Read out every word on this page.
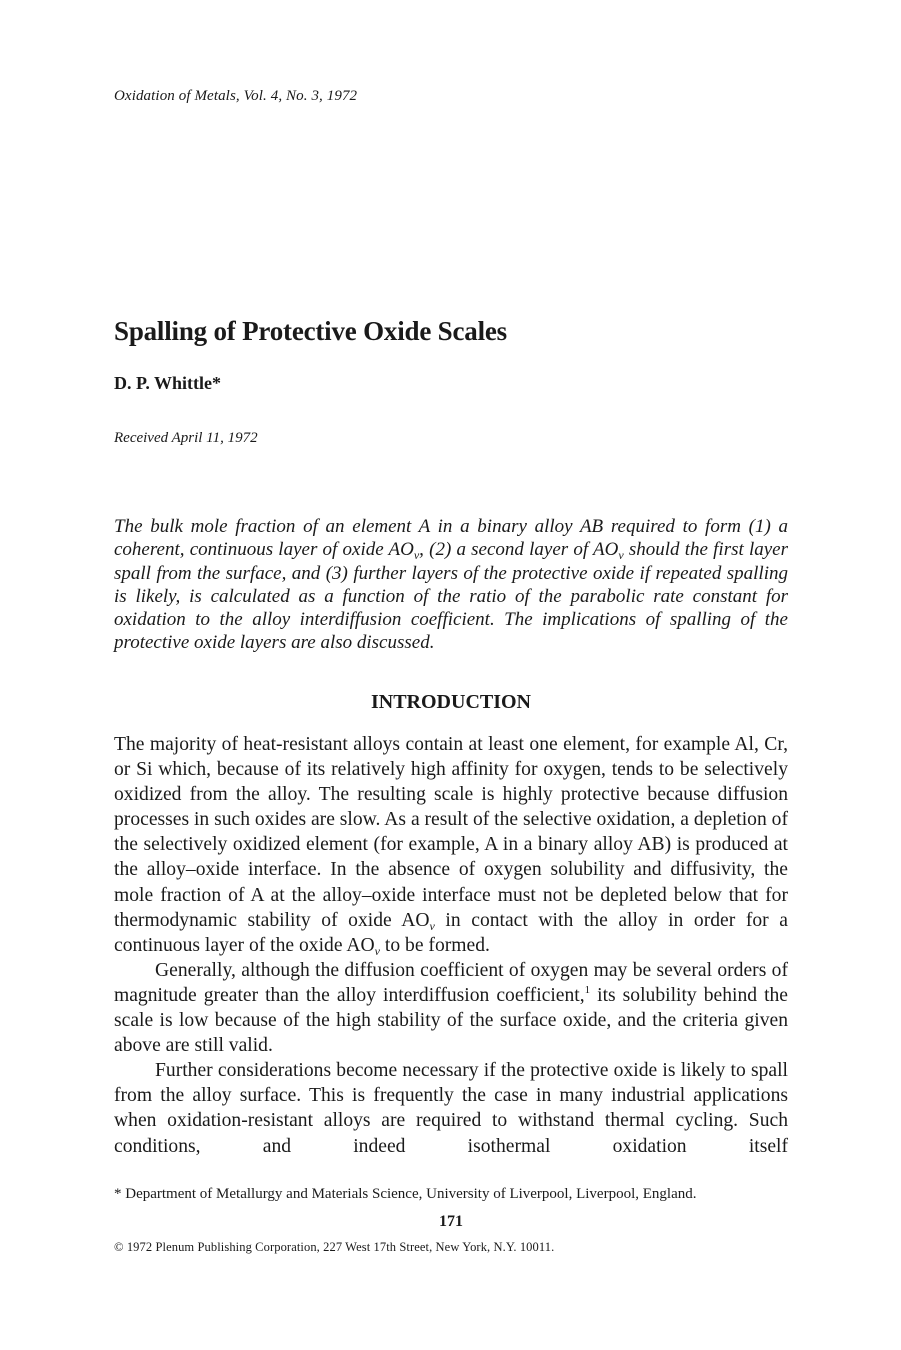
Oxidation of Metals, Vol. 4, No. 3, 1972
Spalling of Protective Oxide Scales
D. P. Whittle*
Received April 11, 1972

The bulk mole fraction of an element A in a binary alloy AB required to form (1) a coherent, continuous layer of oxide $AO_v$, (2) a second layer of $AO_v$ should the first layer spall from the surface, and (3) further layers of the protective oxide if repeated spalling is likely, is calculated as a function of the ratio of the parabolic rate constant for oxidation to the alloy interdiffusion coefficient. The implications of spalling of the protective oxide layers are also discussed.

INTRODUCTION

The majority of heat-resistant alloys contain at least one element, for example Al, Cr, or Si which, because of its relatively high affinity for oxygen, tends to be selectively oxidized from the alloy. The resulting scale is highly protective because diffusion processes in such oxides are slow. As a result of the selective oxidation, a depletion of the selectively oxidized element (for example, A in a binary alloy AB) is produced at the alloy–oxide interface. In the absence of oxygen solubility and diffusivity, the mole fraction of A at the alloy–oxide interface must not be depleted below that for thermodynamic stability of oxide $AO_v$ in contact with the alloy in order for a continuous layer of the oxide $AO_v$ to be formed.

Generally, although the diffusion coefficient of oxygen may be several orders of magnitude greater than the alloy interdiffusion coefficient,$^1$ its solubility behind the scale is low because of the high stability of the surface oxide, and the criteria given above are still valid.

Further considerations become necessary if the protective oxide is likely to spall from the alloy surface. This is frequently the case in many industrial applications when oxidation-resistant alloys are required to withstand thermal cycling. Such conditions, and indeed isothermal oxidation itself

* Department of Metallurgy and Materials Science, University of Liverpool, Liverpool, England.
171
© 1972 Plenum Publishing Corporation, 227 West 17th Street, New York, N.Y. 10011.
